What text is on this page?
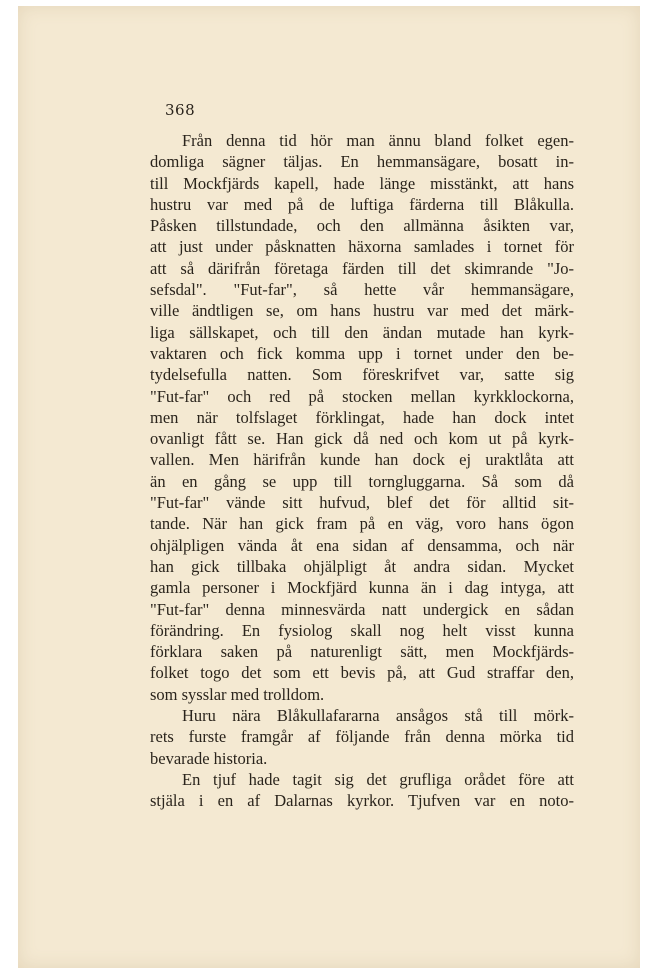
368
Från denna tid hör man ännu bland folket egen-
domliga sägner täljas. En hemmansägare, bosatt in-
till Mockfjärds kapell, hade länge misstänkt, att hans
hustru var med på de luftiga färderna till Blåkulla.
Påsken tillstundade, och den allmänna åsikten var,
att just under påsknatten häxorna samlades i tornet för
att så därifrån företaga färden till det skimrande "Jo-
sefsdal". "Fut-far", så hette vår hemmansägare,
ville ändtligen se, om hans hustru var med det märk-
liga sällskapet, och till den ändan mutade han kyrk-
vaktaren och fick komma upp i tornet under den be-
tydelsefulla natten. Som föreskrifvet var, satte sig
"Fut-far" och red på stocken mellan kyrkklockorna,
men när tolfslaget förklingat, hade han dock intet
ovanligt fått se. Han gick då ned och kom ut på kyrk-
vallen. Men härifrån kunde han dock ej uraktlåta att
än en gång se upp till torngluggarna. Så som då
"Fut-far" vände sitt hufvud, blef det för alltid sit-
tande. När han gick fram på en väg, voro hans ögon
ohjälpligen vända åt ena sidan af densamma, och när
han gick tillbaka ohjälpligt åt andra sidan. Mycket
gamla personer i Mockfjärd kunna än i dag intyga, att
"Fut-far" denna minnesvärda natt undergick en sådan
förändring. En fysiolog skall nog helt visst kunna
förklara saken på naturenligt sätt, men Mockfjärds-
folket togo det som ett bevis på, att Gud straffar den,
som sysslar med trolldom.
Huru nära Blåkullafararna ansågos stå till mörk-
rets furste framgår af följande från denna mörka tid
bevarade historia.
En tjuf hade tagit sig det grufliga orådet före att
stjäla i en af Dalarnas kyrkor. Tjufven var en noto-
